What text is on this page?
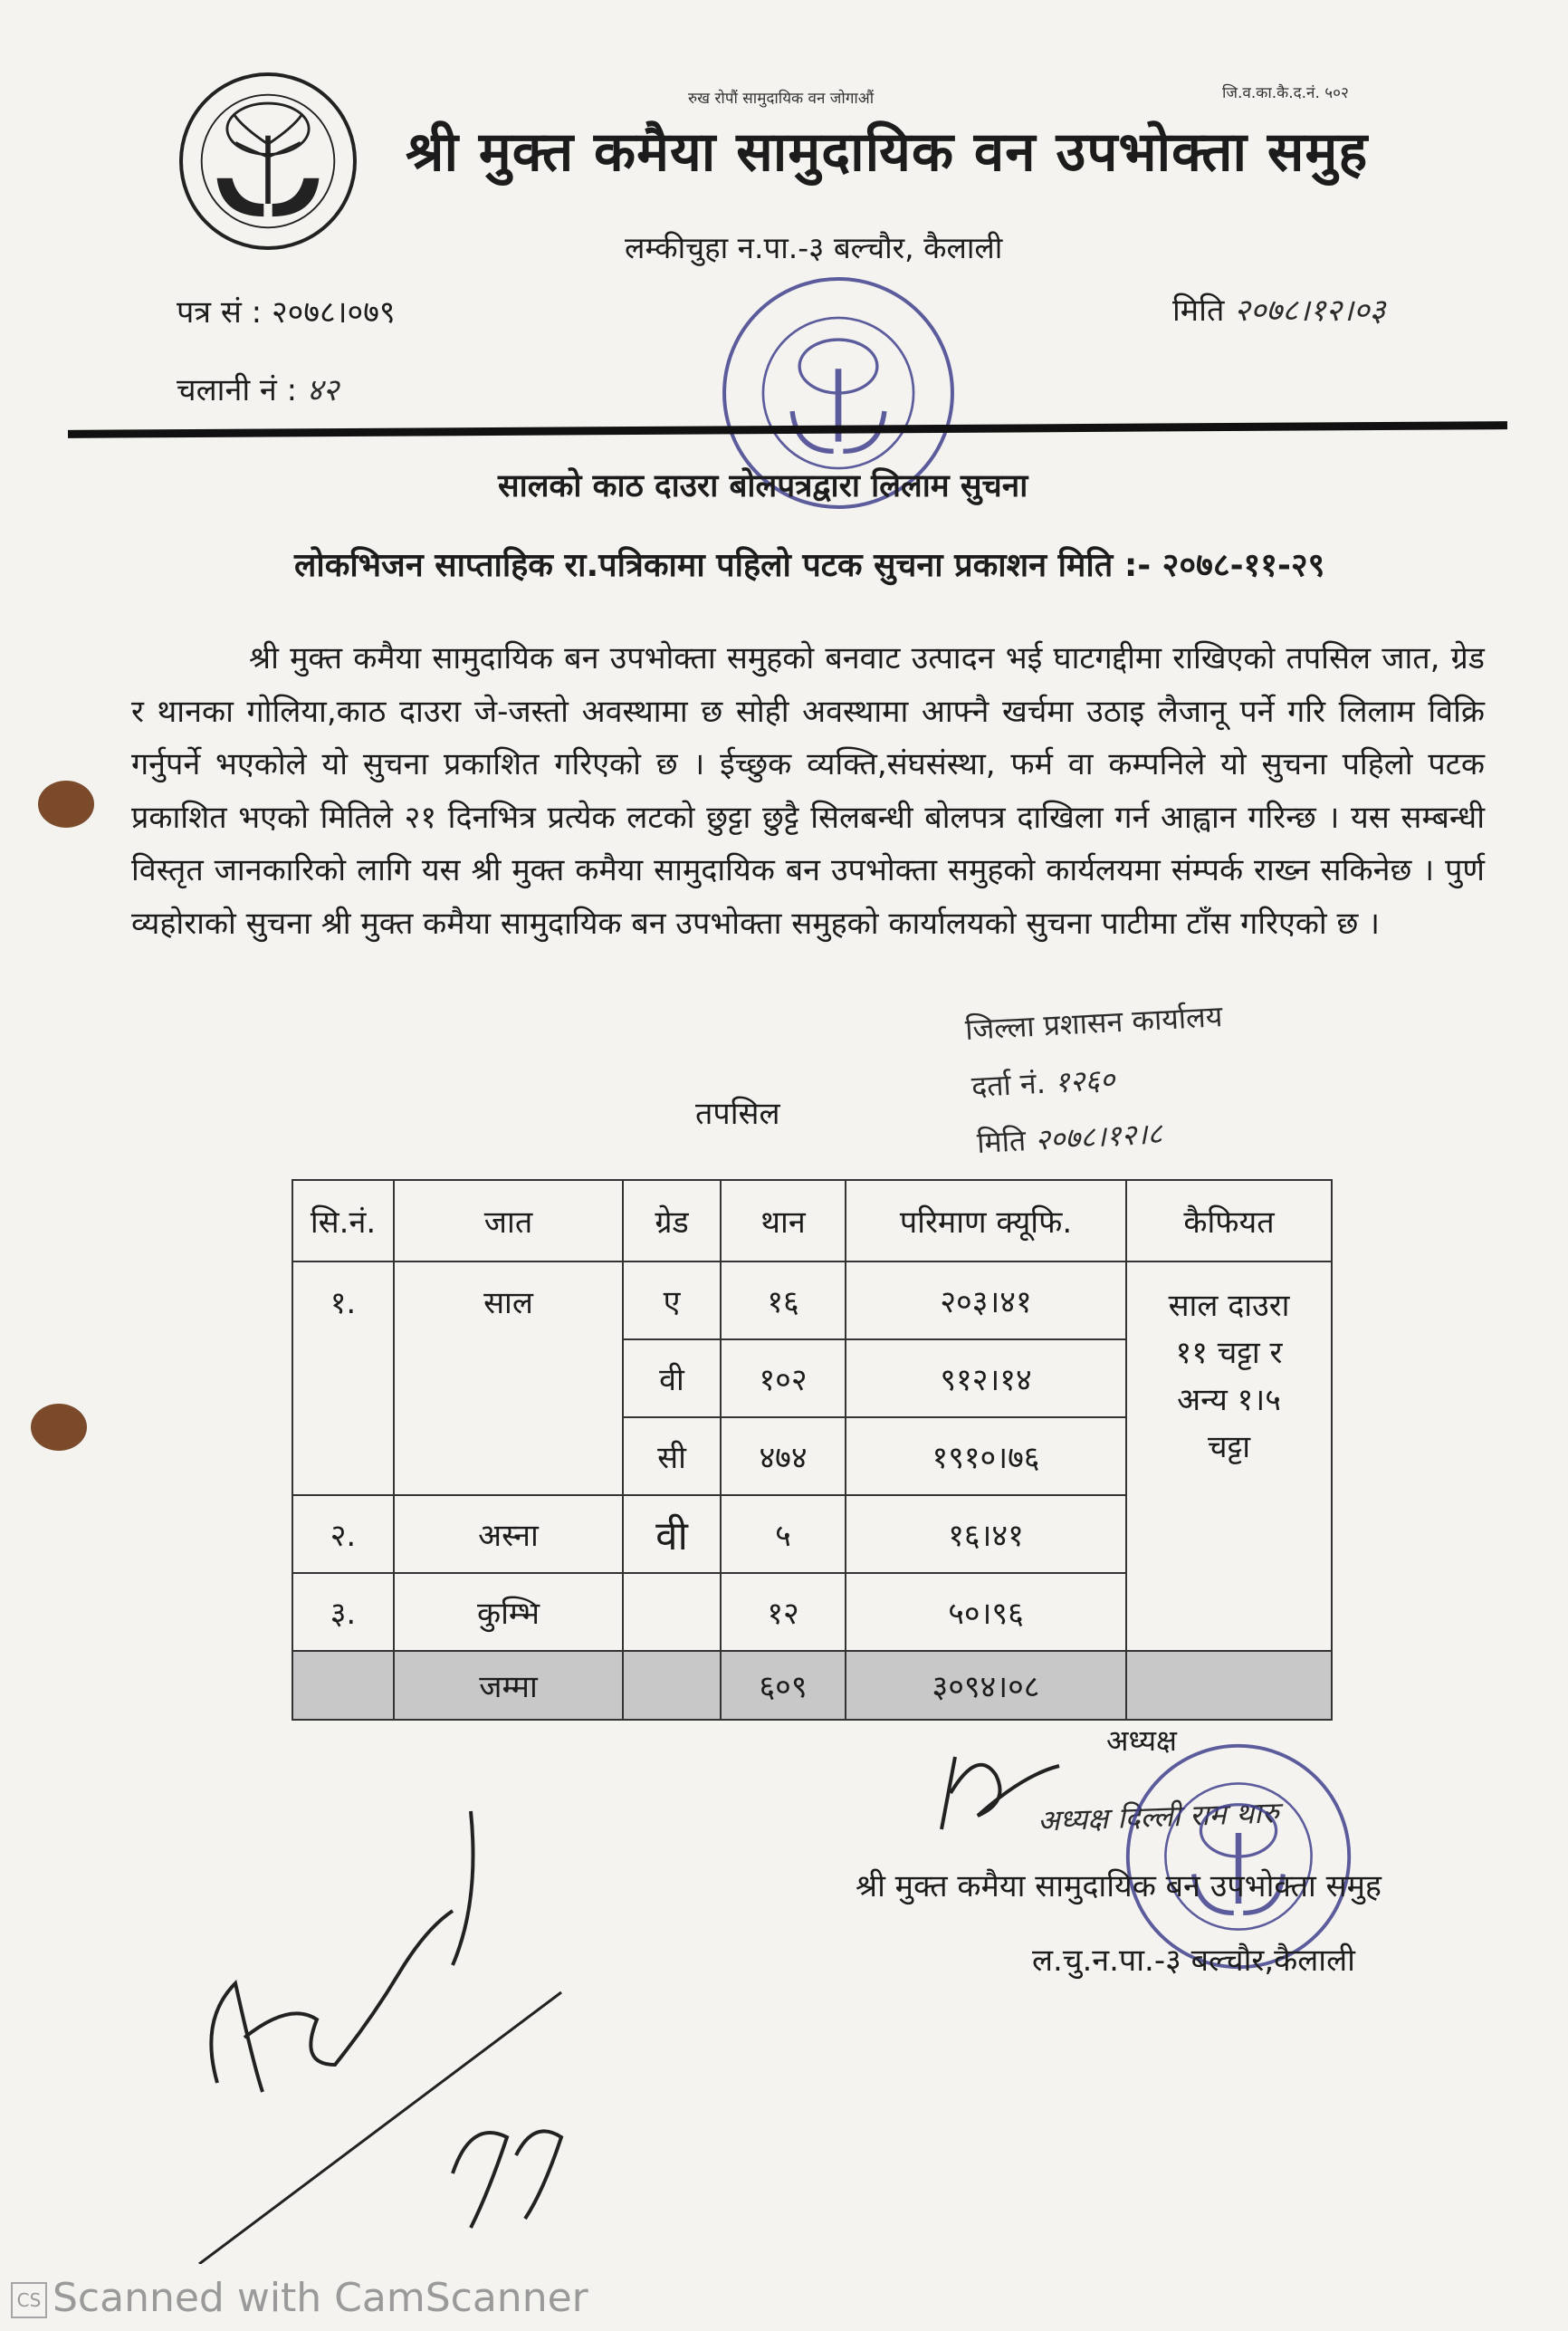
रुख रोपौं सामुदायिक वन जोगाऔं	जि.व.का.कै.द.नं. ५०२
श्री मुक्त कमैया सामुदायिक वन उपभोक्ता समुह
लम्कीचुहा न.पा.-३ बल्चौर, कैलाली
पत्र सं : २०७८।०७९
चलानी नं : ४२
मिति २०७८।१२।०३
सालको काठ दाउरा बोलपत्रद्वारा लिलाम सुचना
लोकभिजन साप्ताहिक रा.पत्रिकामा पहिलो पटक सुचना प्रकाशन मिति :- २०७८-११-२९
श्री मुक्त कमैया सामुदायिक बन उपभोक्ता समुहको बनवाट उत्पादन भई घाटगद्दीमा राखिएको तपसिल जात, ग्रेड र थानका गोलिया,काठ दाउरा जे-जस्तो अवस्थामा छ सोही अवस्थामा आफ्नै खर्चमा उठाइ लैजानू पर्ने गरि लिलाम विक्रि गर्नुपर्ने भएकोले यो सुचना प्रकाशित गरिएको छ । ईच्छुक व्यक्ति,संघसंस्था, फर्म वा कम्पनिले यो सुचना पहिलो पटक प्रकाशित भएको मितिले २१ दिनभित्र प्रत्येक लटको छुट्टा छुट्टै सिलबन्धी बोलपत्र दाखिला गर्न आह्वान गरिन्छ । यस सम्बन्धी विस्तृत जानकारिको लागि यस श्री मुक्त कमैया सामुदायिक बन उपभोक्ता समुहको कार्यलयमा संम्पर्क राख्न सकिनेछ । पुर्ण व्यहोराको सुचना श्री मुक्त कमैया सामुदायिक बन उपभोक्ता समुहको कार्यालयको सुचना पाटीमा टाँस गरिएको छ ।
जिल्ला प्रशासन कार्यालय
दर्ता नं. १२६०
मिति २०७८।१२।८
तपसिल
सि.नं.	जात	ग्रेड	थान	परिमाण क्यूफि.	कैफियत
१.	साल	ए	१६	२०३।४१	साल दाउरा
११ चट्टा र
अन्य १।५
चट्टा

		वी	१०२	९१२।१४	
		सी	४७४	१९१०।७६	
२.	अस्ना	वी	५	१६।४१	
३.	कुम्भि		१२	५०।९६	
	जम्मा		६०९	३०९४।०८	
अध्यक्ष
अध्यक्ष दिल्ली राम थारु
श्री मुक्त कमैया सामुदायिक बन उपभोक्ता समुह
ल.चु.न.पा.-३ बल्चौर,कैलाली
CS Scanned with CamScanner
